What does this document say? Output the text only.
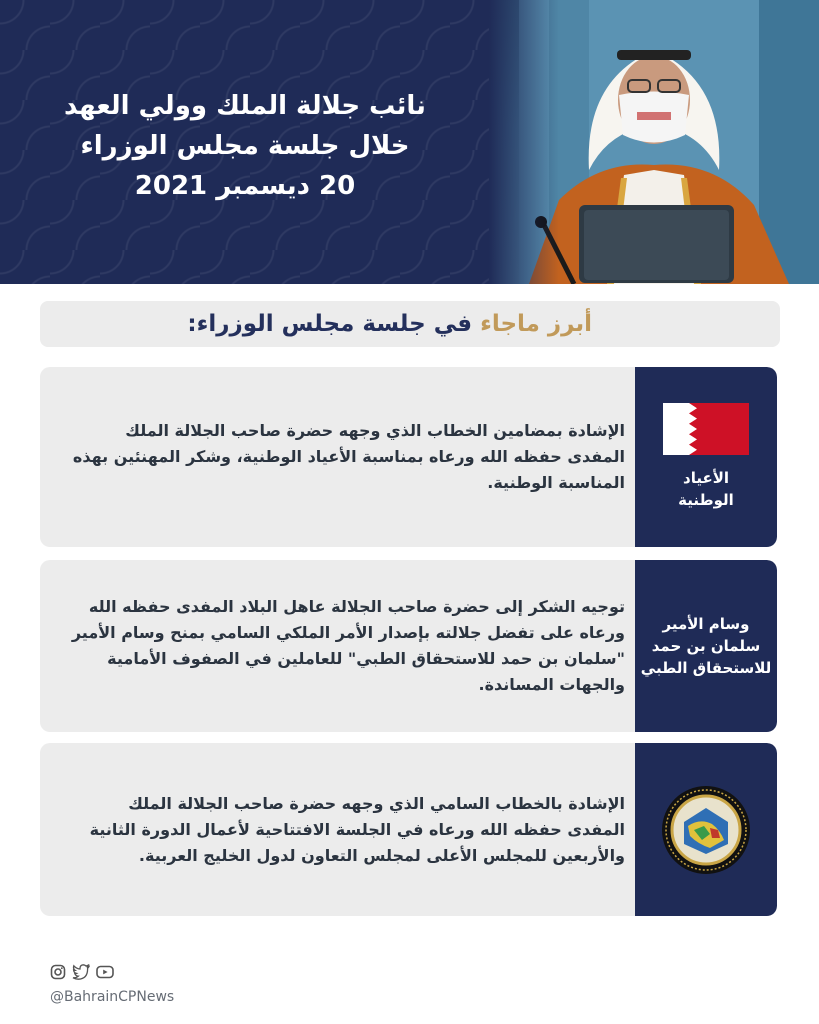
نائب جلالة الملك وولي العهد
خلال جلسة مجلس الوزراء
20 ديسمبر 2021
أبرز ماجاء في جلسة مجلس الوزراء:
الأعياد
الوطنية
الإشادة بمضامين الخطاب الذي وجهه حضرة صاحب الجلالة الملك
المفدى حفظه الله ورعاه بمناسبة الأعياد الوطنية، وشكر المهنئين بهذه
المناسبة الوطنية.
وسام الأمير
سلمان بن حمد
للاستحقاق الطبي
توجيه الشكر إلى حضرة صاحب الجلالة عاهل البلاد المفدى حفظه الله
ورعاه على تفضل جلالته بإصدار الأمر الملكي السامي بمنح وسام الأمير
"سلمان بن حمد للاستحقاق الطبي" للعاملين في الصفوف الأمامية
والجهات المساندة.
الإشادة بالخطاب السامي الذي وجهه حضرة صاحب الجلالة الملك
المفدى حفظه الله ورعاه في الجلسة الافتتاحية لأعمال الدورة الثانية
والأربعين للمجلس الأعلى لمجلس التعاون لدول الخليج العربية.
@BahrainCPNews
